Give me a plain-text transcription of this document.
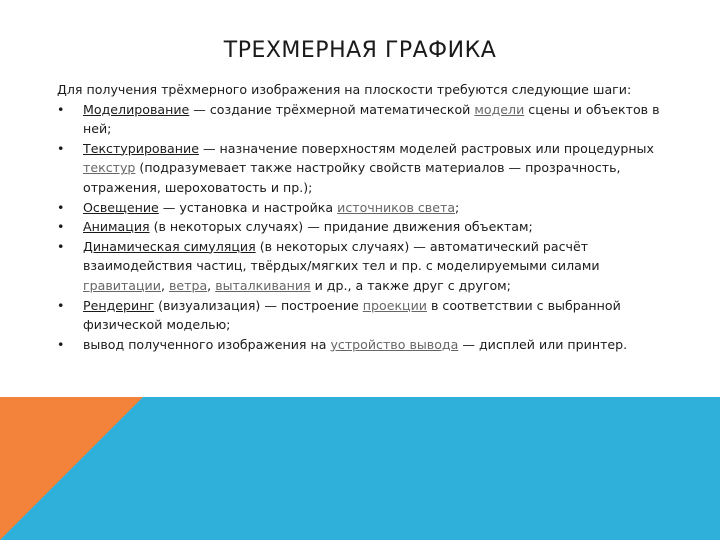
ТРЕХМЕРНАЯ ГРАФИКА

Для получения трёхмерного изображения на плоскости требуются следующие шаги:

• Моделирование — создание трёхмерной математической модели сцены и объектов в ней;
• Текстурирование — назначение поверхностям моделей растровых или процедурных текстур (подразумевает также настройку свойств материалов — прозрачность, отражения, шероховатость и пр.);
• Освещение — установка и настройка источников света;
• Анимация (в некоторых случаях) — придание движения объектам;
• Динамическая симуляция (в некоторых случаях) — автоматический расчёт взаимодействия частиц, твёрдых/мягких тел и пр. с моделируемыми силами гравитации, ветра, выталкивания и др., а также друг с другом;
• Рендеринг (визуализация) — построение проекции в соответствии с выбранной физической моделью;
• вывод полученного изображения на устройство вывода — дисплей или принтер.
